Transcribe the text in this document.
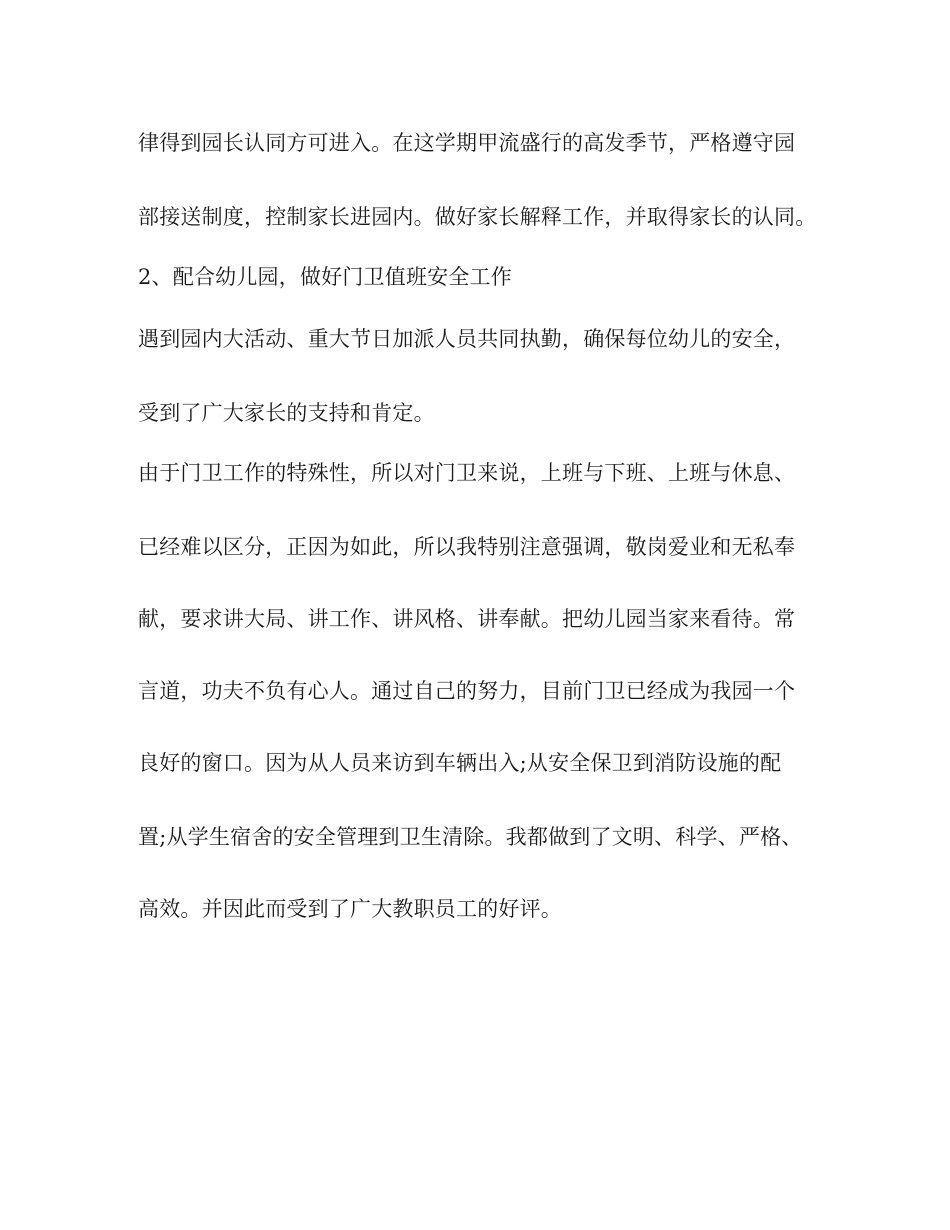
律得到园长认同方可进入。在这学期甲流盛行的高发季节，严格遵守园
部接送制度，控制家长进园内。做好家长解释工作，并取得家长的认同。
2、配合幼儿园，做好门卫值班安全工作
遇到园内大活动、重大节日加派人员共同执勤，确保每位幼儿的安全，
受到了广大家长的支持和肯定。
由于门卫工作的特殊性，所以对门卫来说，上班与下班、上班与休息、
已经难以区分，正因为如此，所以我特别注意强调，敬岗爱业和无私奉
献，要求讲大局、讲工作、讲风格、讲奉献。把幼儿园当家来看待。常
言道，功夫不负有心人。通过自己的努力，目前门卫已经成为我园一个
良好的窗口。因为从人员来访到车辆出入;从安全保卫到消防设施的配
置;从学生宿舍的安全管理到卫生清除。我都做到了文明、科学、严格、
高效。并因此而受到了广大教职员工的好评。
